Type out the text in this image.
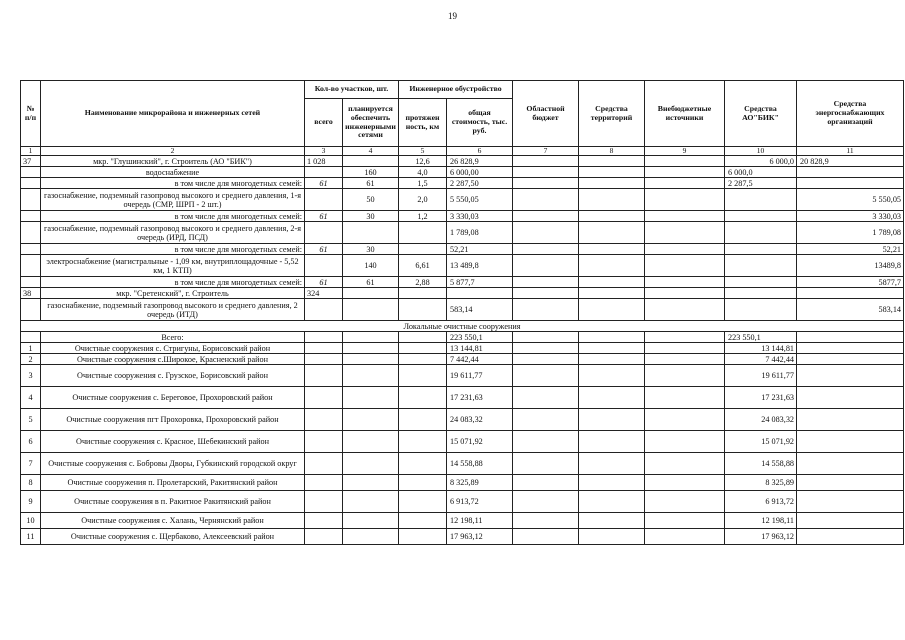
19
№ п/п	Наименование микрорайона и инженерных сетей	Кол-во участков, шт.		Инженерное обустройство		Областной бюджет	Средства территорий	Внебюджетные источники	Средства АО"БИК"	Средства энергоснабжающих организаций
		всего	планируется обеспечить инженерными сетями	протяжен ность, км	общая стоимость, тыс. руб.					
1	2	3	4	5	6	7	8	9	10	11
37	мкр. "Глушинский", г. Строитель (АО "БИК")	1 028		12,6	26 828,9				6 000,0	20 828,9
	водоснабжение		160	4,0	6 000,00				6 000,0	
	в том числе для многодетных семей:	61	61	1,5	2 287,50				2 287,5	
	газоснабжение, подземный газопровод высокого и среднего давления, 1-я очередь (СМР, ШРП - 2 шт.)		50	2,0	5 550,05					5 550,05
	в том числе для многодетных семей:	61	30	1,2	3 330,03					3 330,03
	газоснабжение, подземный газопровод высокого и среднего давления, 2-я очередь (ИРД, ПСД)				1 789,08					1 789,08
	в том числе для многодетных семей:	61	30		52,21					52,21
	электроснабжение (магистральные - 1,09 км, внутриплощадочные - 5,52 км, 1 КТП)		140	6,61	13 489,8					13489,8
	в том числе для многодетных семей:	61	61	2,88	5 877,7					5877,7
38	мкр. "Сретенский", г. Строитель	324								
	газоснабжение, подземный газопровод высокого и среднего давления, 2 очередь (ИТД)				583,14					583,14
Локальные очистные сооружения										
	Всего:				223 550,1				223 550,1	
1	Очистные сооружения с. Стригуны, Борисовский район				13 144,81				13 144,81	
2	Очистные сооружения с.Широкое, Красненский район				7 442,44				7 442,44	
3	Очистные сооружения с. Грузское, Борисовский район				19 611,77				19 611,77	
4	Очистные сооружения с. Береговое, Прохоровский район				17 231,63				17 231,63	
5	Очистные сооружения пгт Прохоровка, Прохоровский район				24 083,32				24 083,32	
6	Очистные сооружения с. Красное, Шебекинский район				15 071,92				15 071,92	
7	Очистные сооружения с. Бобровы Дворы, Губкинский городской округ				14 558,88				14 558,88	
8	Очистные сооружения п. Пролетарский, Ракитянский район				8 325,89				8 325,89	
9	Очистные сооружения в п. Ракитное Ракитянский район				6 913,72				6 913,72	
10	Очистные сооружения с. Халань, Чернянский район				12 198,11				12 198,11	
11	Очистные сооружения с. Щербаково, Алексеевский район				17 963,12				17 963,12	
